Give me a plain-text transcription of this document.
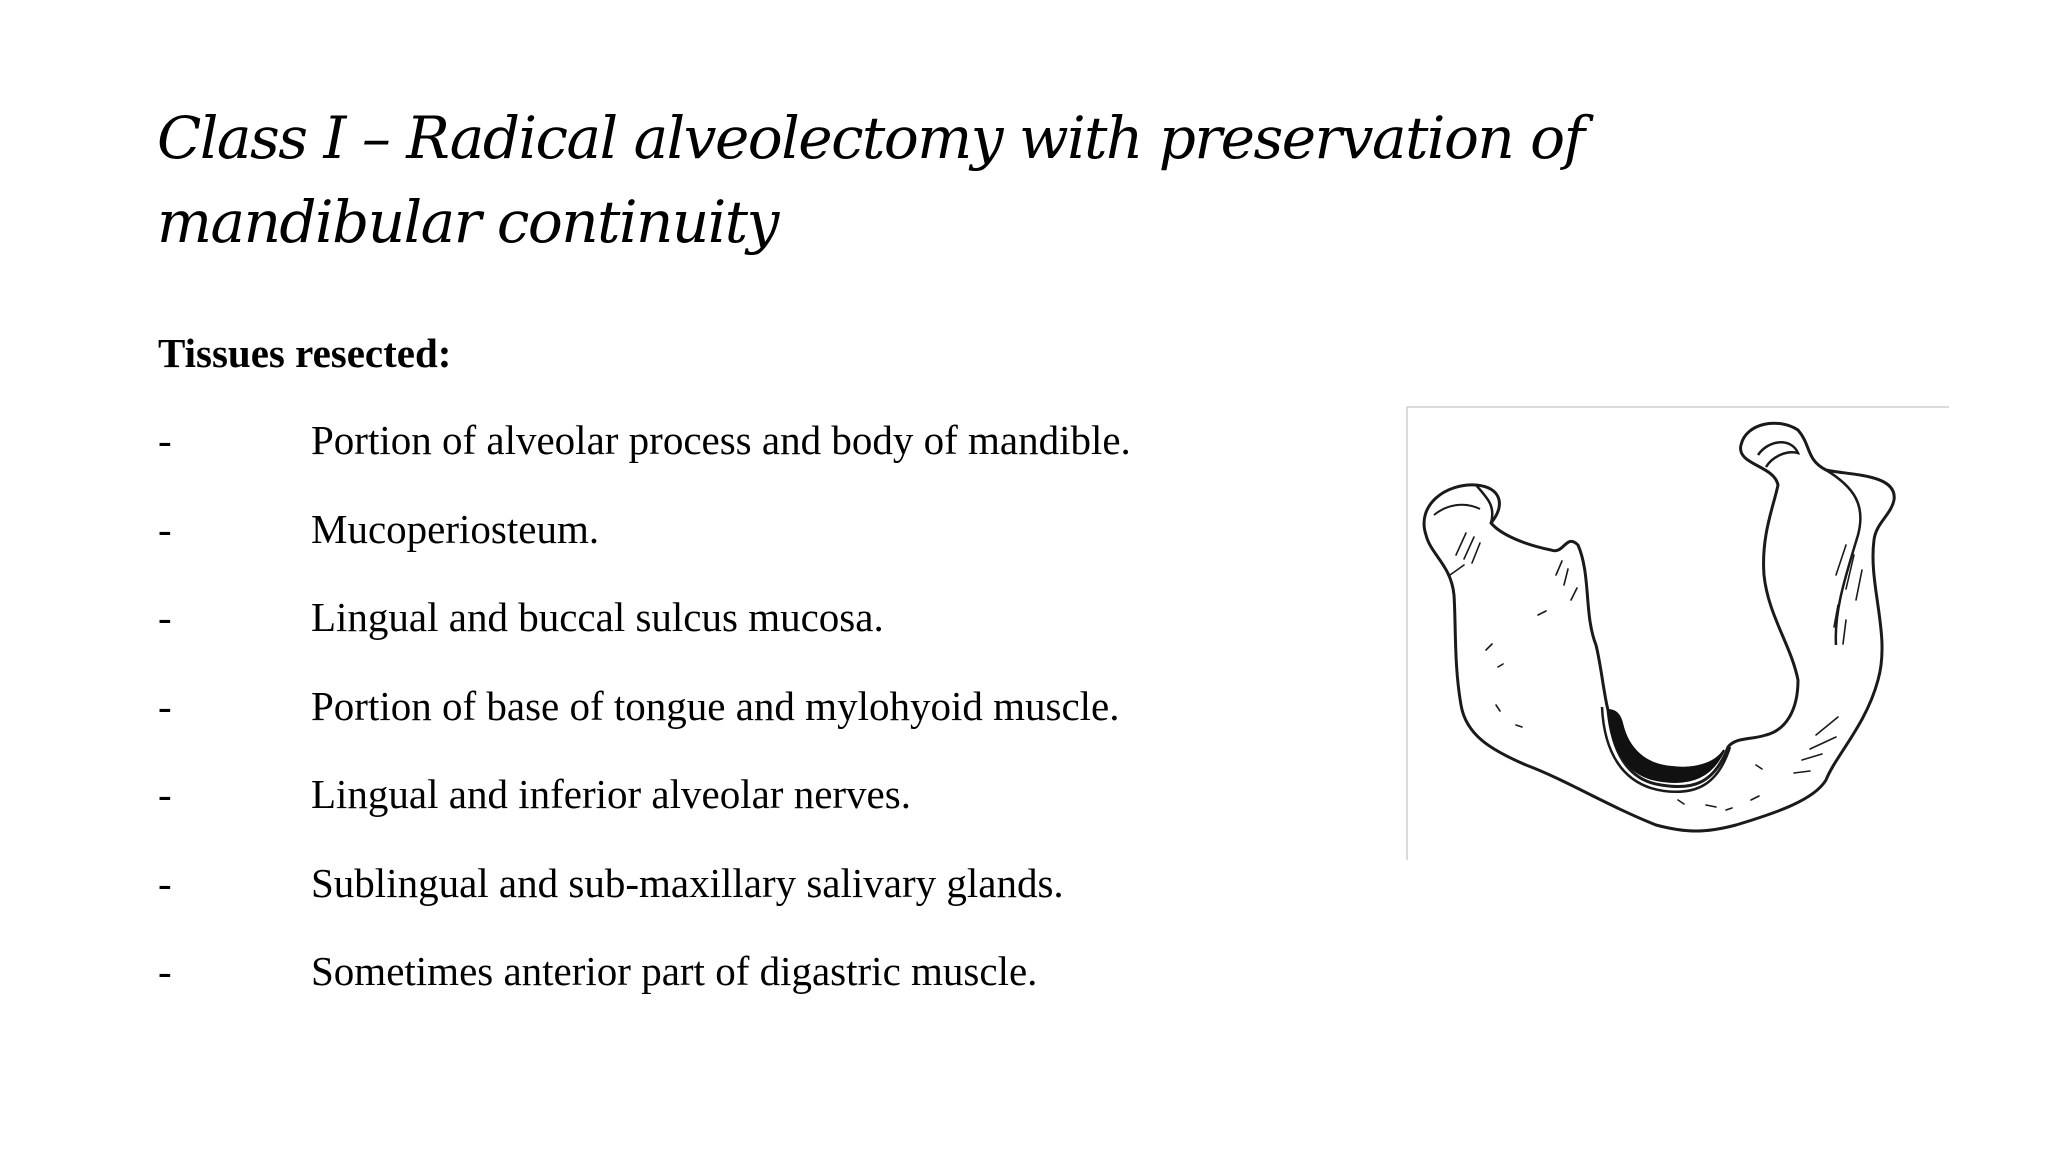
Class I – Radical alveolectomy with preservation of mandibular continuity
Tissues resected:
-	Portion of alveolar process and body of mandible.
-	Mucoperiosteum.
-	Lingual and buccal sulcus mucosa.
-	Portion of base of tongue and mylohyoid muscle.
-	Lingual and inferior alveolar nerves.
-	Sublingual and sub-maxillary salivary glands.
-	Sometimes anterior part of digastric muscle.
